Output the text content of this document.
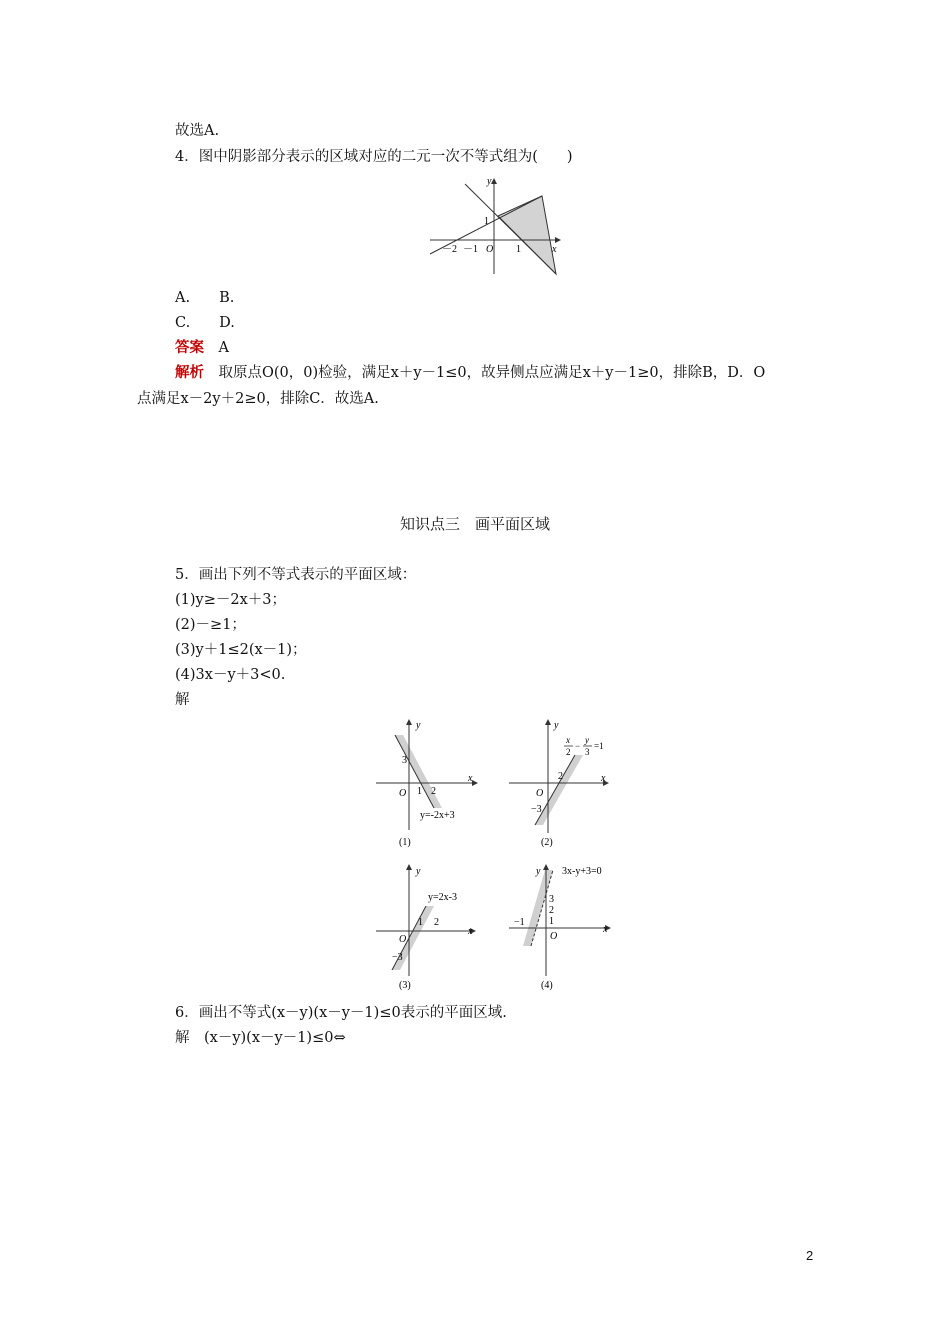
故选A.
4．图中阴影部分表示的区域对应的二元一次不等式组为(　　)
y
x
1
－2 －1 O 1
A.　　B.
C.　　D.
答案　 A
解析　 取原点O(0，0)检验，满足x＋y－1≤0，故异侧点应满足x＋y－1≥0，排除B，D．O
点满足x－2y＋2≥0，排除C．故选A.
知识点三　画平面区域
5．画出下列不等式表示的平面区域：
(1)y≥－2x＋3；
(2)－≥1；
(3)y＋1≤2(x－1)；
(4)3x－y＋3<0.
解
y
x
3
O 1 2
y=-2x+3
(1)
y
x
x
2
−
y
3
=1
2
O
−3
(2)
y
x
y=2x-3
1 2
O
−3
(3)
y 3x-y+3=0
3
2
1
−1
O
x
(4)
6．画出不等式(x－y)(x－y－1)≤0表示的平面区域.
解　(x－y)(x－y－1)≤0⇔
2
